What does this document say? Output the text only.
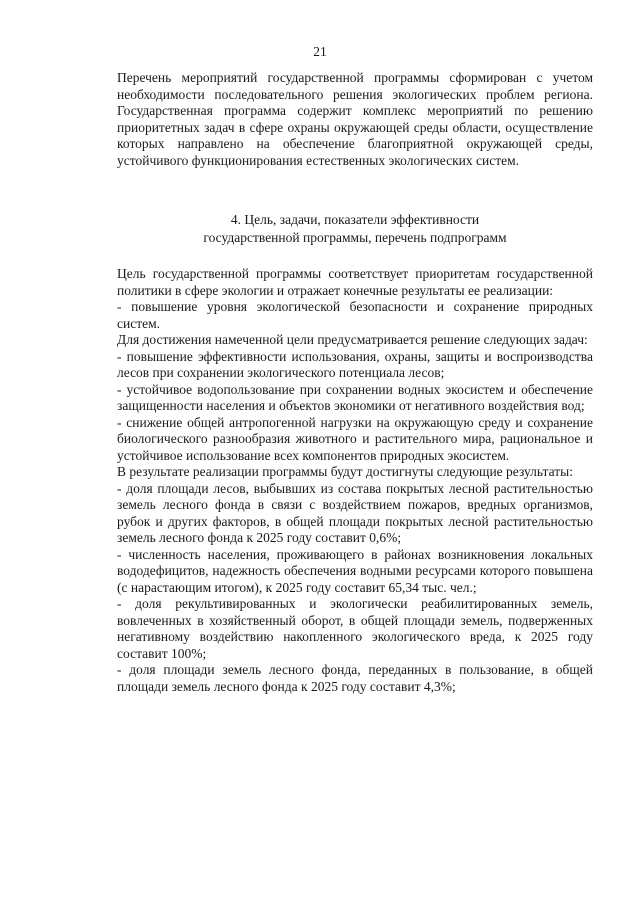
21

Перечень мероприятий государственной программы сформирован с учетом необходимости последовательного решения экологических проблем региона. Государственная программа содержит комплекс мероприятий по решению приоритетных задач в сфере охраны окружающей среды области, осуществление которых направлено на обеспечение благоприятной окружающей среды, устойчивого функционирования естественных экологических систем.

4. Цель, задачи, показатели эффективности
государственной программы, перечень подпрограмм

Цель государственной программы соответствует приоритетам государственной политики в сфере экологии и отражает конечные результаты ее реализации:

- повышение уровня экологической безопасности и сохранение природных систем.

Для достижения намеченной цели предусматривается решение следующих задач:

- повышение эффективности использования, охраны, защиты и воспроизводства лесов при сохранении экологического потенциала лесов;

- устойчивое водопользование при сохранении водных экосистем и обеспечение защищенности населения и объектов экономики от негативного воздействия вод;

- снижение общей антропогенной нагрузки на окружающую среду и сохранение биологического разнообразия животного и растительного мира, рациональное и устойчивое использование всех компонентов природных экосистем.

В результате реализации программы будут достигнуты следующие результаты:

- доля площади лесов, выбывших из состава покрытых лесной растительностью земель лесного фонда в связи с воздействием пожаров, вредных организмов, рубок и других факторов, в общей площади покрытых лесной растительностью земель лесного фонда к 2025 году составит 0,6%;

- численность населения, проживающего в районах возникновения локальных вододефицитов, надежность обеспечения водными ресурсами которого повышена (с нарастающим итогом), к 2025 году составит 65,34 тыс. чел.;

- доля рекультивированных и экологически реабилитированных земель, вовлеченных в хозяйственный оборот, в общей площади земель, подверженных негативному воздействию накопленного экологического вреда, к 2025 году составит 100%;

- доля площади земель лесного фонда, переданных в пользование, в общей площади земель лесного фонда к 2025 году составит 4,3%;
